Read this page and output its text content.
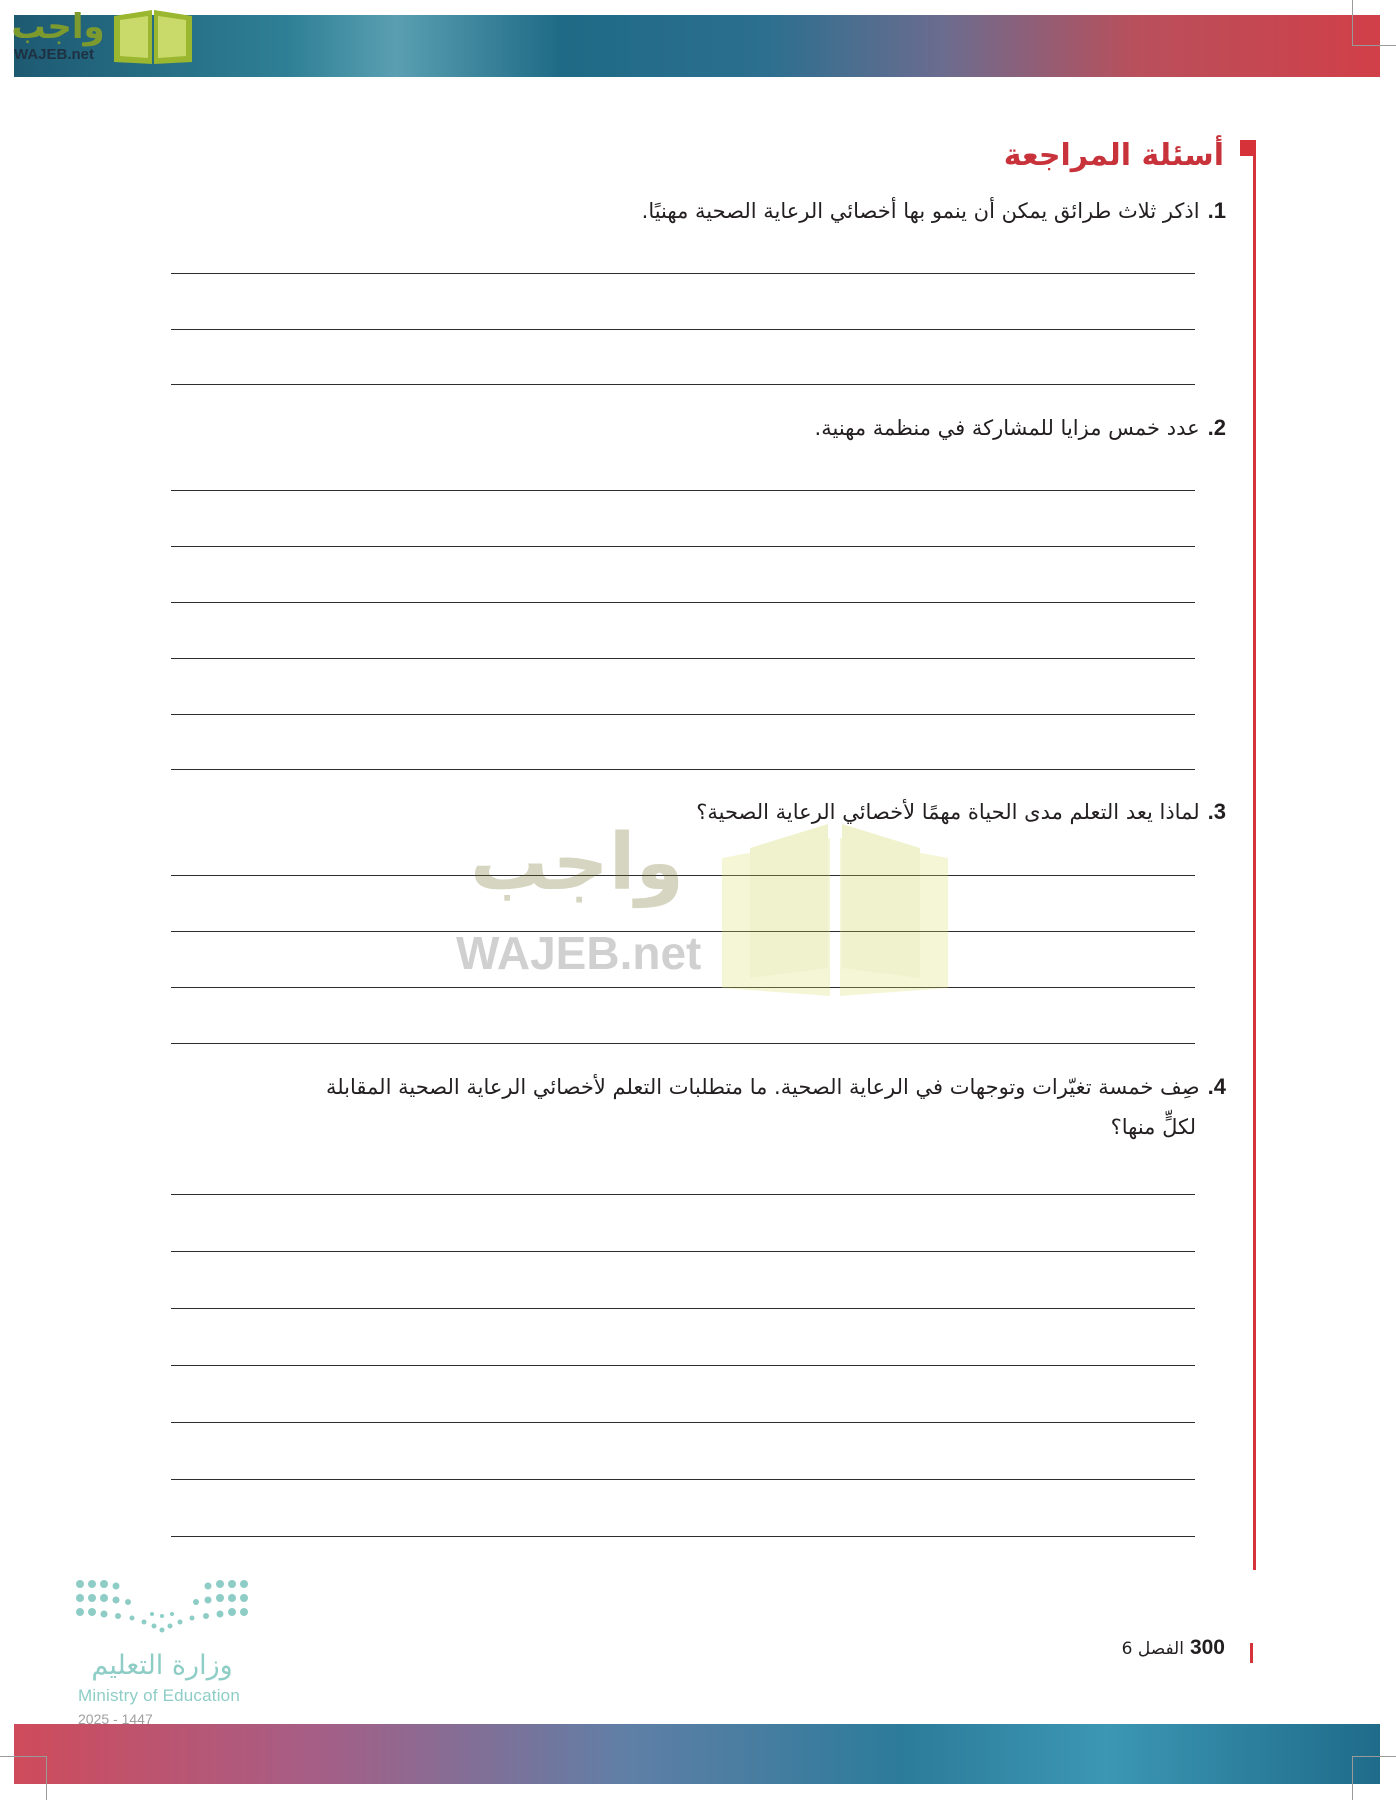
واجب
WAJEB.net
أسئلة المراجعة
1.اذكر ثلاث طرائق يمكن أن ينمو بها أخصائي الرعاية الصحية مهنيًا.
2.عدد خمس مزايا للمشاركة في منظمة مهنية.
3.لماذا يعد التعلم مدى الحياة مهمًا لأخصائي الرعاية الصحية؟
4.صِف خمسة تغيّرات وتوجهات في الرعاية الصحية. ما متطلبات التعلم لأخصائي الرعاية الصحية المقابلة
لكلٍّ منها؟
واجب
WAJEB.net
وزارة التعليم
Ministry of Education
2025 - 1447
300الفصل 6
